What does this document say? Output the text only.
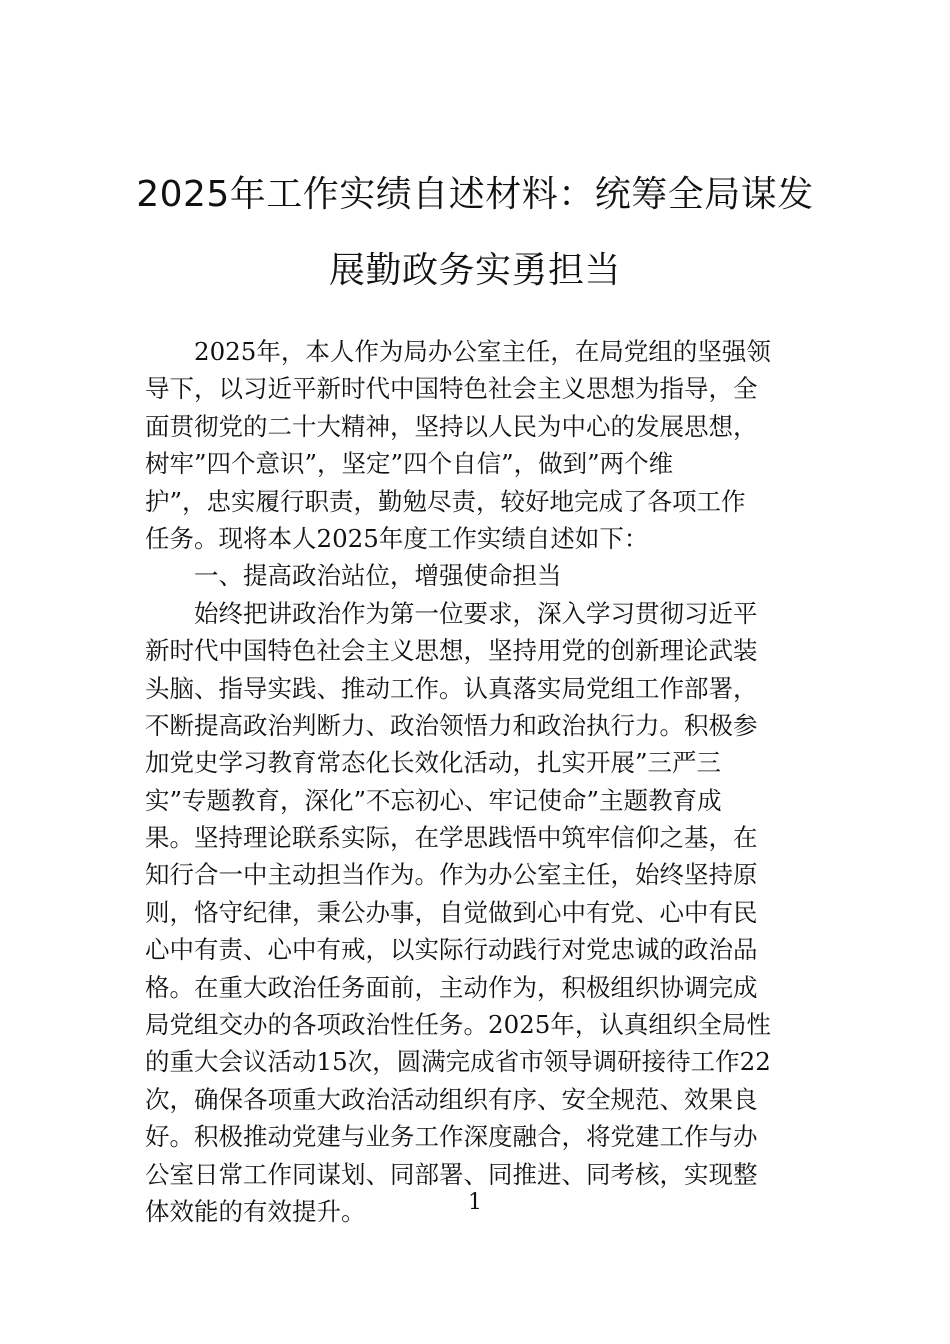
2025年工作实绩自述材料：统筹全局谋发
展勤政务实勇担当
2025年，本人作为局办公室主任，在局党组的坚强领
导下，以习近平新时代中国特色社会主义思想为指导，全
面贯彻党的二十大精神，坚持以人民为中心的发展思想，
树牢”四个意识”，坚定”四个自信”，做到”两个维
护”，忠实履行职责，勤勉尽责，较好地完成了各项工作
任务。现将本人2025年度工作实绩自述如下：
一、提高政治站位，增强使命担当
始终把讲政治作为第一位要求，深入学习贯彻习近平
新时代中国特色社会主义思想，坚持用党的创新理论武装
头脑、指导实践、推动工作。认真落实局党组工作部署，
不断提高政治判断力、政治领悟力和政治执行力。积极参
加党史学习教育常态化长效化活动，扎实开展”三严三
实”专题教育，深化”不忘初心、牢记使命”主题教育成
果。坚持理论联系实际，在学思践悟中筑牢信仰之基，在
知行合一中主动担当作为。作为办公室主任，始终坚持原
则，恪守纪律，秉公办事，自觉做到心中有党、心中有民
心中有责、心中有戒，以实际行动践行对党忠诚的政治品
格。在重大政治任务面前，主动作为，积极组织协调完成
局党组交办的各项政治性任务。2025年，认真组织全局性
的重大会议活动15次，圆满完成省市领导调研接待工作22
次，确保各项重大政治活动组织有序、安全规范、效果良
好。积极推动党建与业务工作深度融合，将党建工作与办
公室日常工作同谋划、同部署、同推进、同考核，实现整
体效能的有效提升。	1
